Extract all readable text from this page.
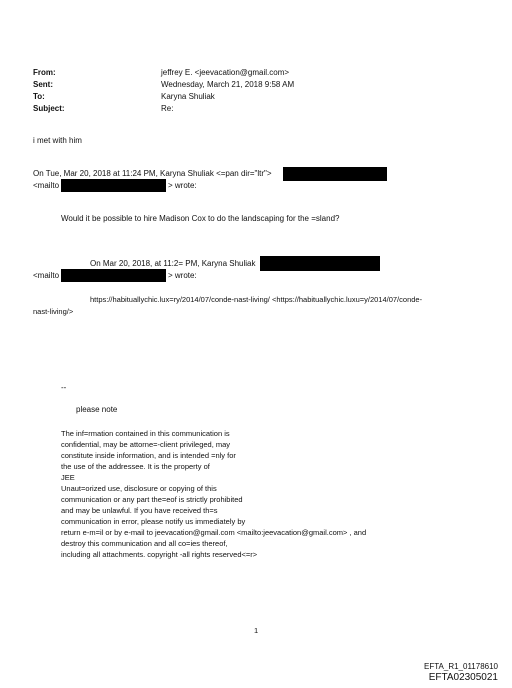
From:	jeffrey E. <jeevacation@gmail.com>
Sent:	Wednesday, March 21, 2018 9:58 AM
To:	Karyna Shuliak
Subject:	Re:
i met with him
On Tue, Mar 20, 2018 at 11:24 PM, Karyna Shuliak <=pan dir="ltr">
<mailto	> wrote:
Would it be possible to hire Madison Cox to do the landscaping for the =sland?
On Mar 20, 2018, at 11:2= PM, Karyna Shuliak
<mailto	> wrote:
https://habituallychic.lux=ry/2014/07/conde-nast-living/ <https://habituallychic.luxu=y/2014/07/conde-
nast-living/>
--
please note
The inf=rmation contained in this communication is
confidential, may be attorne=-client privileged, may
constitute inside information, and is intended =nly for
the use of the addressee. It is the property of
JEE
Unaut=orized use, disclosure or copying of this
communication or any part the=eof is strictly prohibited
and may be unlawful. If you have received th=s
communication in error, please notify us immediately by
return e-m=il or by e-mail to jeevacation@gmail.com <mailto:jeevacation@gmail.com> , and
destroy this communication and all co=ies thereof,
including all attachments. copyright -all rights reserved<=r>
1
EFTA_R1_01178610
EFTA02305021
